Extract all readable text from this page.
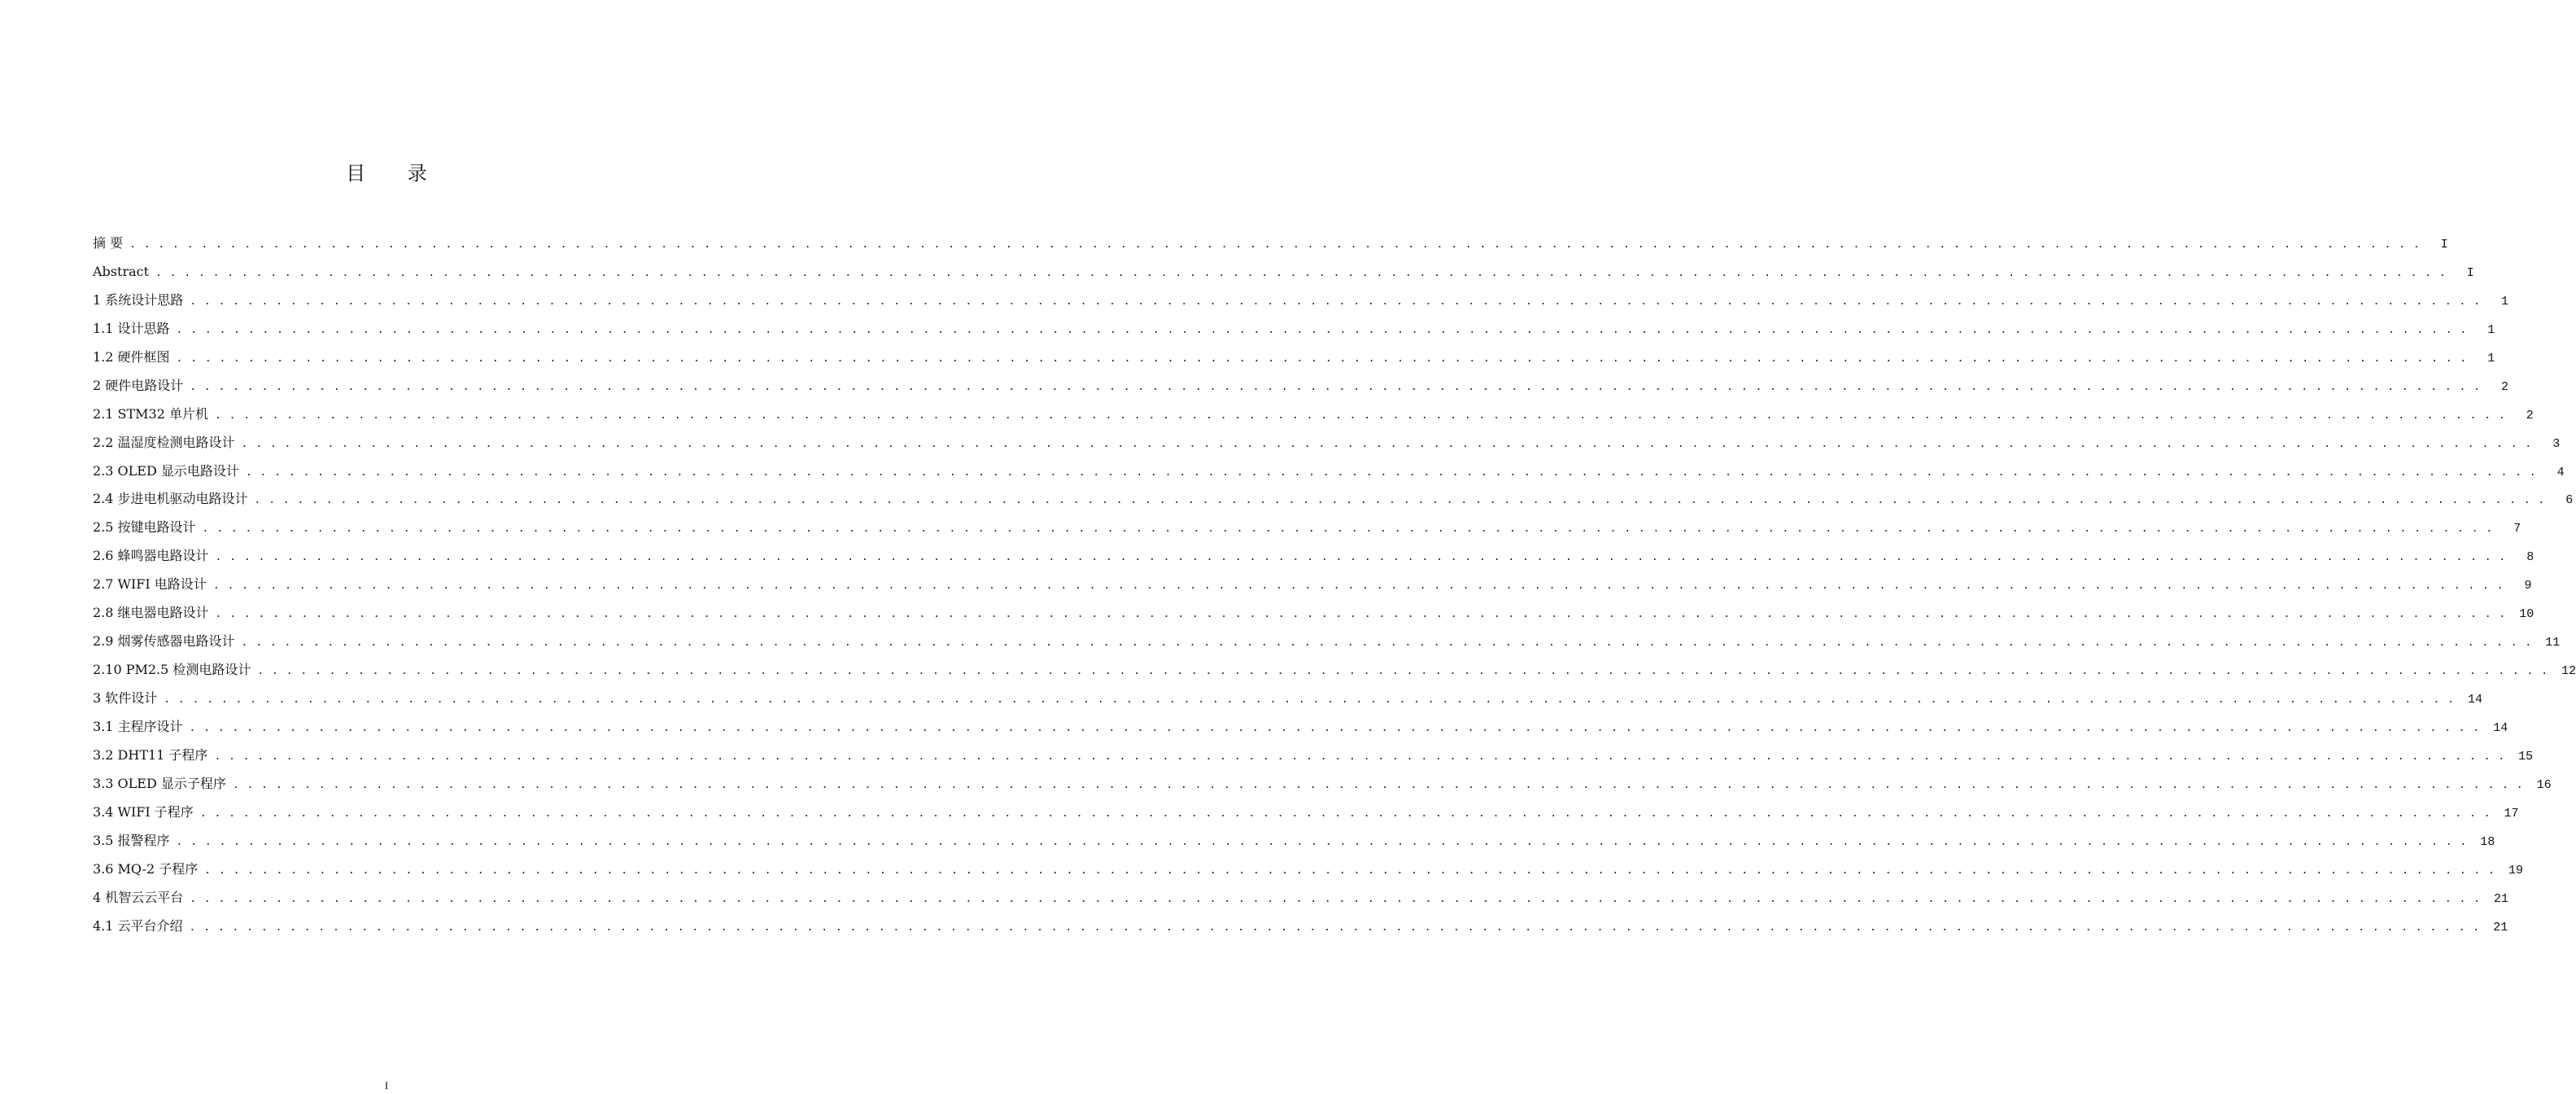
目 录
摘 要 . . . . . . . . . . . . . . . . . . . . . . . . . . . . . . . . . . . . . . . . . . . . . . . . . . . . . . . . . . . . . . . . . . . . . . . . . . . . . . . . . . . . . . . . . . . . . . . . . . . . . . . . . . . . . . . . . . . . . . . . . . . . . . . . . . . . . . . . . . . . . . . . . . . . . . . . . . . . . . . .	I
Abstract . . . . . . . . . . . . . . . . . . . . . . . . . . . . . . . . . . . . . . . . . . . . . . . . . . . . . . . . . . . . . . . . . . . . . . . . . . . . . . . . . . . . . . . . . . . . . . . . . . . . . . . . . . . . . . . . . . . . . . . . . . . . . . . . . . . . . . . . . . . . . . . . . . . . . . . . . . . . . . . .	I
1 系统设计思路 . . . . . . . . . . . . . . . . . . . . . . . . . . . . . . . . . . . . . . . . . . . . . . . . . . . . . . . . . . . . . . . . . . . . . . . . . . . . . . . . . . . . . . . . . . . . . . . . . . . . . . . . . . . . . . . . . . . . . . . . . . . . . . . . . . . . . . . . . . . . . . . . . . . . . . . . . . . . . . . .	1
1.1 设计思路 . . . . . . . . . . . . . . . . . . . . . . . . . . . . . . . . . . . . . . . . . . . . . . . . . . . . . . . . . . . . . . . . . . . . . . . . . . . . . . . . . . . . . . . . . . . . . . . . . . . . . . . . . . . . . . . . . . . . . . . . . . . . . . . . . . . . . . . . . . . . . . . . . . . . . . . . . . . . . . . .	1
1.2 硬件框图 . . . . . . . . . . . . . . . . . . . . . . . . . . . . . . . . . . . . . . . . . . . . . . . . . . . . . . . . . . . . . . . . . . . . . . . . . . . . . . . . . . . . . . . . . . . . . . . . . . . . . . . . . . . . . . . . . . . . . . . . . . . . . . . . . . . . . . . . . . . . . . . . . . . . . . . . . . . . . . . .	1
2 硬件电路设计 . . . . . . . . . . . . . . . . . . . . . . . . . . . . . . . . . . . . . . . . . . . . . . . . . . . . . . . . . . . . . . . . . . . . . . . . . . . . . . . . . . . . . . . . . . . . . . . . . . . . . . . . . . . . . . . . . . . . . . . . . . . . . . . . . . . . . . . . . . . . . . . . . . . . . . . . . . . . . . . .	2
2.1 STM32 单片机 . . . . . . . . . . . . . . . . . . . . . . . . . . . . . . . . . . . . . . . . . . . . . . . . . . . . . . . . . . . . . . . . . . . . . . . . . . . . . . . . . . . . . . . . . . . . . . . . . . . . . . . . . . . . . . . . . . . . . . . . . . . . . . . . . . . . . . . . . . . . . . . . . . . . . . . . . . . . . . . .	2
2.2 温湿度检测电路设计 . . . . . . . . . . . . . . . . . . . . . . . . . . . . . . . . . . . . . . . . . . . . . . . . . . . . . . . . . . . . . . . . . . . . . . . . . . . . . . . . . . . . . . . . . . . . . . . . . . . . . . . . . . . . . . . . . . . . . . . . . . . . . . . . . . . . . . . . . . . . . . . . . . . . . . . . . . . . . . . .	3
2.3 OLED 显示电路设计 . . . . . . . . . . . . . . . . . . . . . . . . . . . . . . . . . . . . . . . . . . . . . . . . . . . . . . . . . . . . . . . . . . . . . . . . . . . . . . . . . . . . . . . . . . . . . . . . . . . . . . . . . . . . . . . . . . . . . . . . . . . . . . . . . . . . . . . . . . . . . . . . . . . . . . . . . . . . . . . .	4
2.4 步进电机驱动电路设计 . . . . . . . . . . . . . . . . . . . . . . . . . . . . . . . . . . . . . . . . . . . . . . . . . . . . . . . . . . . . . . . . . . . . . . . . . . . . . . . . . . . . . . . . . . . . . . . . . . . . . . . . . . . . . . . . . . . . . . . . . . . . . . . . . . . . . . . . . . . . . . . . . . . . . . . . . . . . . . . .	6
2.5 按键电路设计 . . . . . . . . . . . . . . . . . . . . . . . . . . . . . . . . . . . . . . . . . . . . . . . . . . . . . . . . . . . . . . . . . . . . . . . . . . . . . . . . . . . . . . . . . . . . . . . . . . . . . . . . . . . . . . . . . . . . . . . . . . . . . . . . . . . . . . . . . . . . . . . . . . . . . . . . . . . . . . . .	7
2.6 蜂鸣器电路设计 . . . . . . . . . . . . . . . . . . . . . . . . . . . . . . . . . . . . . . . . . . . . . . . . . . . . . . . . . . . . . . . . . . . . . . . . . . . . . . . . . . . . . . . . . . . . . . . . . . . . . . . . . . . . . . . . . . . . . . . . . . . . . . . . . . . . . . . . . . . . . . . . . . . . . . . . . . . . . . . .	8
2.7 WIFI 电路设计 . . . . . . . . . . . . . . . . . . . . . . . . . . . . . . . . . . . . . . . . . . . . . . . . . . . . . . . . . . . . . . . . . . . . . . . . . . . . . . . . . . . . . . . . . . . . . . . . . . . . . . . . . . . . . . . . . . . . . . . . . . . . . . . . . . . . . . . . . . . . . . . . . . . . . . . . . . . . . . . .	9
2.8 继电器电路设计 . . . . . . . . . . . . . . . . . . . . . . . . . . . . . . . . . . . . . . . . . . . . . . . . . . . . . . . . . . . . . . . . . . . . . . . . . . . . . . . . . . . . . . . . . . . . . . . . . . . . . . . . . . . . . . . . . . . . . . . . . . . . . . . . . . . . . . . . . . . . . . . . . . . . . . . . . . . . . . . .	10
2.9 烟雾传感器电路设计 . . . . . . . . . . . . . . . . . . . . . . . . . . . . . . . . . . . . . . . . . . . . . . . . . . . . . . . . . . . . . . . . . . . . . . . . . . . . . . . . . . . . . . . . . . . . . . . . . . . . . . . . . . . . . . . . . . . . . . . . . . . . . . . . . . . . . . . . . . . . . . . . . . . . . . . . . . . . . . . .	11
2.10 PM2.5 检测电路设计 . . . . . . . . . . . . . . . . . . . . . . . . . . . . . . . . . . . . . . . . . . . . . . . . . . . . . . . . . . . . . . . . . . . . . . . . . . . . . . . . . . . . . . . . . . . . . . . . . . . . . . . . . . . . . . . . . . . . . . . . . . . . . . . . . . . . . . . . . . . . . . . . . . . . . . . . . . . . . . . .	12
3 软件设计 . . . . . . . . . . . . . . . . . . . . . . . . . . . . . . . . . . . . . . . . . . . . . . . . . . . . . . . . . . . . . . . . . . . . . . . . . . . . . . . . . . . . . . . . . . . . . . . . . . . . . . . . . . . . . . . . . . . . . . . . . . . . . . . . . . . . . . . . . . . . . . . . . . . . . . . . . . . . . . . .	14
3.1 主程序设计 . . . . . . . . . . . . . . . . . . . . . . . . . . . . . . . . . . . . . . . . . . . . . . . . . . . . . . . . . . . . . . . . . . . . . . . . . . . . . . . . . . . . . . . . . . . . . . . . . . . . . . . . . . . . . . . . . . . . . . . . . . . . . . . . . . . . . . . . . . . . . . . . . . . . . . . . . . . . . . . .	14
3.2 DHT11 子程序 . . . . . . . . . . . . . . . . . . . . . . . . . . . . . . . . . . . . . . . . . . . . . . . . . . . . . . . . . . . . . . . . . . . . . . . . . . . . . . . . . . . . . . . . . . . . . . . . . . . . . . . . . . . . . . . . . . . . . . . . . . . . . . . . . . . . . . . . . . . . . . . . . . . . . . . . . . . . . . . .	15
3.3 OLED 显示子程序 . . . . . . . . . . . . . . . . . . . . . . . . . . . . . . . . . . . . . . . . . . . . . . . . . . . . . . . . . . . . . . . . . . . . . . . . . . . . . . . . . . . . . . . . . . . . . . . . . . . . . . . . . . . . . . . . . . . . . . . . . . . . . . . . . . . . . . . . . . . . . . . . . . . . . . . . . . . . . . . .	16
3.4 WIFI 子程序 . . . . . . . . . . . . . . . . . . . . . . . . . . . . . . . . . . . . . . . . . . . . . . . . . . . . . . . . . . . . . . . . . . . . . . . . . . . . . . . . . . . . . . . . . . . . . . . . . . . . . . . . . . . . . . . . . . . . . . . . . . . . . . . . . . . . . . . . . . . . . . . . . . . . . . . . . . . . . . . .	17
3.5 报警程序 . . . . . . . . . . . . . . . . . . . . . . . . . . . . . . . . . . . . . . . . . . . . . . . . . . . . . . . . . . . . . . . . . . . . . . . . . . . . . . . . . . . . . . . . . . . . . . . . . . . . . . . . . . . . . . . . . . . . . . . . . . . . . . . . . . . . . . . . . . . . . . . . . . . . . . . . . . . . . . . .	18
3.6 MQ-2 子程序 . . . . . . . . . . . . . . . . . . . . . . . . . . . . . . . . . . . . . . . . . . . . . . . . . . . . . . . . . . . . . . . . . . . . . . . . . . . . . . . . . . . . . . . . . . . . . . . . . . . . . . . . . . . . . . . . . . . . . . . . . . . . . . . . . . . . . . . . . . . . . . . . . . . . . . . . . . . . . . . .	19
4 机智云云平台 . . . . . . . . . . . . . . . . . . . . . . . . . . . . . . . . . . . . . . . . . . . . . . . . . . . . . . . . . . . . . . . . . . . . . . . . . . . . . . . . . . . . . . . . . . . . . . . . . . . . . . . . . . . . . . . . . . . . . . . . . . . . . . . . . . . . . . . . . . . . . . . . . . . . . . . . . . . . . . . .	21
4.1 云平台介绍 . . . . . . . . . . . . . . . . . . . . . . . . . . . . . . . . . . . . . . . . . . . . . . . . . . . . . . . . . . . . . . . . . . . . . . . . . . . . . . . . . . . . . . . . . . . . . . . . . . . . . . . . . . . . . . . . . . . . . . . . . . . . . . . . . . . . . . . . . . . . . . . . . . . . . . . . . . . . . . . .	21
I
